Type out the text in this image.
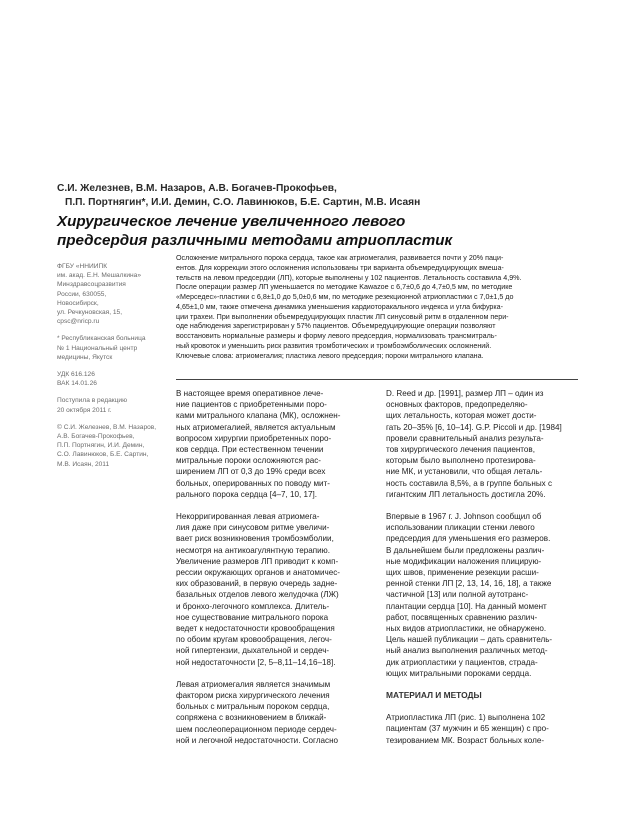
С.И. Железнев, В.М. Назаров, А.В. Богачев-Прокофьев,
П.П. Портнягин*, И.И. Демин, С.О. Лавинюков, Б.Е. Сартин, М.В. Исаян
Хирургическое лечение увеличенного левого
предсердия различными методами атриопластик
ФГБУ «ННИИПК
им. акад. Е.Н. Мешалкина»
Минздравсоцразвития
России, 630055,
Новосибирск,
ул. Речкуновская, 15,
cpsc@nricp.ru
* Республиканская больница
№ 1 Национальный центр
медицины, Якутск
УДК 616.126
ВАК 14.01.26
Поступила в редакцию
20 октября 2011 г.
© С.И. Железнев, В.М. Назаров,
А.В. Богачев-Прокофьев,
П.П. Портнягин, И.И. Демин,
С.О. Лавинюков, Б.Е. Сартин,
М.В. Исаян, 2011
Осложнение митрального порока сердца, такое как атриомегалия, развивается почти у 20% паци-
ентов. Для коррекции этого осложнения использованы три варианта объемредуцирующих вмеша-
тельств на левом предсердии (ЛП), которые выполнены у 102 пациентов. Летальность составила 4,9%.
После операции размер ЛП уменьшается по методике Kawazoe с 6,7±0,6 до 4,7±0,5 мм, по методике
«Мерседес»-пластики с 6,8±1,0 до 5,0±0,6 мм, по методике резекционной атриопластики с 7,0±1,5 до
4,65±1,0 мм, также отмечена динамика уменьшения кардиоторакального индекса и угла бифурка-
ции трахеи. При выполнении объемредуцирующих пластик ЛП синусовый ритм в отдаленном пери-
оде наблюдения зарегистрирован у 57% пациентов. Объемредуцирующие операции позволяют
восстановить нормальные размеры и форму левого предсердия, нормализовать трансмитраль-
ный кровоток и уменьшить риск развития тромботических и тромбоэмболических осложнений.
Ключевые слова: атриомегалия; пластика левого предсердия; пороки митрального клапана.
В настоящее время оперативное лече-
ние пациентов с приобретенными поро-
ками митрального клапана (МК), осложнен-
ных атриомегалией, является актуальным
вопросом хирургии приобретенных поро-
ков сердца. При естественном течении
митральные пороки осложняются рас-
ширением ЛП от 0,3 до 19% среди всех
больных, оперированных по поводу мит-
рального порока сердца [4–7, 10, 17].
Некорригированная левая атриомега-
лия даже при синусовом ритме увеличи-
вает риск возникновения тромбоэмболии,
несмотря на антикоагулянтную терапию.
Увеличение размеров ЛП приводит к комп-
рессии окружающих органов и анатомичес-
ких образований, в первую очередь задне-
базальных отделов левого желудочка (ЛЖ)
и бронхо-легочного комплекса. Длитель-
ное существование митрального порока
ведет к недостаточности кровообращения
по обоим кругам кровообращения, легоч-
ной гипертензии, дыхательной и сердеч-
ной недостаточности [2, 5–8,11–14,16–18].
Левая атриомегалия является значимым
фактором риска хирургического лечения
больных с митральным пороком сердца,
сопряжена с возникновением в ближай-
шем послеоперационном периоде сердеч-
ной и легочной недостаточности. Согласно
D. Reed и др. [1991], размер ЛП – один из
основных факторов, предопределяю-
щих летальность, которая может дости-
гать 20–35% [6, 10–14]. G.P. Piccoli и др. [1984]
провели сравнительный анализ результа-
тов хирургического лечения пациентов,
которым было выполнено протезирова-
ние МК, и установили, что общая леталь-
ность составила 8,5%, а в группе больных с
гигантским ЛП летальность достигла 20%.
Впервые в 1967 г. J. Johnson сообщил об
использовании пликации стенки левого
предсердия для уменьшения его размеров.
В дальнейшем были предложены различ-
ные модификации наложения плицирую-
щих швов, применение резекции расши-
ренной стенки ЛП [2, 13, 14, 16, 18], а также
частичной [13] или полной аутотранс-
плантации сердца [10]. На данный момент
работ, посвященных сравнению различ-
ных видов атриопластики, не обнаружено.
Цель нашей публикации – дать сравнитель-
ный анализ выполнения различных метод-
дик атриопластики у пациентов, страда-
ющих митральными пороками сердца.
МАТЕРИАЛ И МЕТОДЫ
Атриопластика ЛП (рис. 1) выполнена 102
пациентам (37 мужчин и 65 женщин) с про-
тезированием МК. Возраст больных коле-
